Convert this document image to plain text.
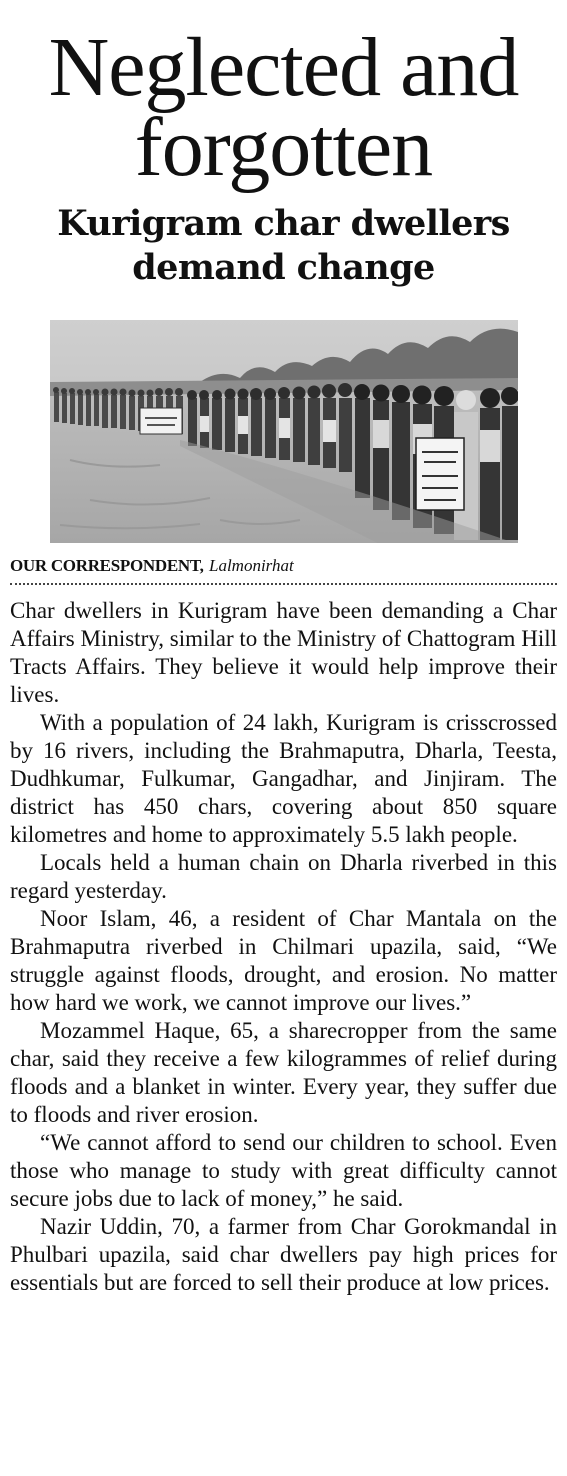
Neglected and
forgotten
Kurigram char dwellers
demand change
OUR CORRESPONDENT, Lalmonirhat

Char dwellers in Kurigram have been demanding a Char Affairs Ministry, similar to the Ministry of Chattogram Hill Tracts Affairs. They believe it would help improve their lives.

With a population of 24 lakh, Kurigram is crisscrossed by 16 rivers, including the Brahmaputra, Dharla, Teesta, Dudhkumar, Fulkumar, Gangadhar, and Jinjiram. The district has 450 chars, covering about 850 square kilometres and home to approximately 5.5 lakh people.

Locals held a human chain on Dharla riverbed in this regard yesterday.

Noor Islam, 46, a resident of Char Mantala on the Brahmaputra riverbed in Chilmari upazila, said, “We struggle against floods, drought, and erosion. No matter how hard we work, we cannot improve our lives.”

Mozammel Haque, 65, a sharecropper from the same char, said they receive a few kilogrammes of relief during floods and a blanket in winter. Every year, they suffer due to floods and river erosion.

“We cannot afford to send our children to school. Even those who manage to study with great difficulty cannot secure jobs due to lack of money,” he said.

Nazir Uddin, 70, a farmer from Char Gorokmandal in Phulbari upazila, said char dwellers pay high prices for essentials but are forced to sell their produce at low prices.
